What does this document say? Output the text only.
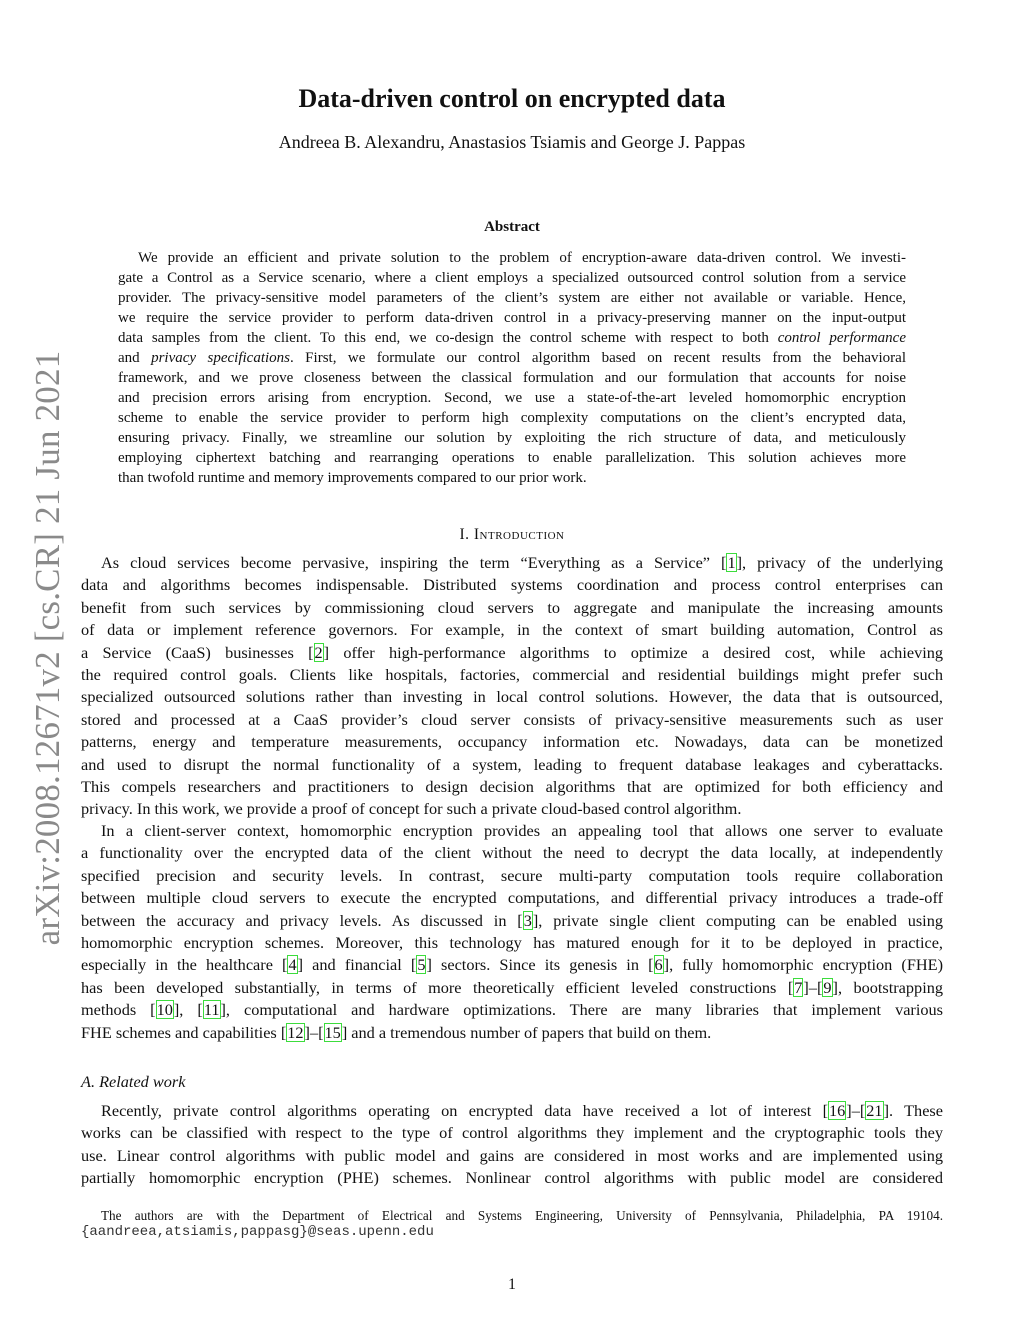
arXiv:2008.12671v2 [cs.CR] 21 Jun 2021
Data-driven control on encrypted data
Andreea B. Alexandru, Anastasios Tsiamis and George J. Pappas
Abstract
We provide an efficient and private solution to the problem of encryption-aware data-driven control. We investi-
gate a Control as a Service scenario, where a client employs a specialized outsourced control solution from a service
provider. The privacy-sensitive model parameters of the client’s system are either not available or variable. Hence,
we require the service provider to perform data-driven control in a privacy-preserving manner on the input-output
data samples from the client. To this end, we co-design the control scheme with respect to both control performance
and privacy specifications. First, we formulate our control algorithm based on recent results from the behavioral
framework, and we prove closeness between the classical formulation and our formulation that accounts for noise
and precision errors arising from encryption. Second, we use a state-of-the-art leveled homomorphic encryption
scheme to enable the service provider to perform high complexity computations on the client’s encrypted data,
ensuring privacy. Finally, we streamline our solution by exploiting the rich structure of data, and meticulously
employing ciphertext batching and rearranging operations to enable parallelization. This solution achieves more
than twofold runtime and memory improvements compared to our prior work.
I. Introduction
As cloud services become pervasive, inspiring the term “Everything as a Service” [1], privacy of the underlying
data and algorithms becomes indispensable. Distributed systems coordination and process control enterprises can
benefit from such services by commissioning cloud servers to aggregate and manipulate the increasing amounts
of data or implement reference governors. For example, in the context of smart building automation, Control as
a Service (CaaS) businesses [2] offer high-performance algorithms to optimize a desired cost, while achieving
the required control goals. Clients like hospitals, factories, commercial and residential buildings might prefer such
specialized outsourced solutions rather than investing in local control solutions. However, the data that is outsourced,
stored and processed at a CaaS provider’s cloud server consists of privacy-sensitive measurements such as user
patterns, energy and temperature measurements, occupancy information etc. Nowadays, data can be monetized
and used to disrupt the normal functionality of a system, leading to frequent database leakages and cyberattacks.
This compels researchers and practitioners to design decision algorithms that are optimized for both efficiency and
privacy. In this work, we provide a proof of concept for such a private cloud-based control algorithm.
In a client-server context, homomorphic encryption provides an appealing tool that allows one server to evaluate
a functionality over the encrypted data of the client without the need to decrypt the data locally, at independently
specified precision and security levels. In contrast, secure multi-party computation tools require collaboration
between multiple cloud servers to execute the encrypted computations, and differential privacy introduces a trade-off
between the accuracy and privacy levels. As discussed in [3], private single client computing can be enabled using
homomorphic encryption schemes. Moreover, this technology has matured enough for it to be deployed in practice,
especially in the healthcare [4] and financial [5] sectors. Since its genesis in [6], fully homomorphic encryption (FHE)
has been developed substantially, in terms of more theoretically efficient leveled constructions [7]–[9], bootstrapping
methods [10], [11], computational and hardware optimizations. There are many libraries that implement various
FHE schemes and capabilities [12]–[15] and a tremendous number of papers that build on them.
A. Related work
Recently, private control algorithms operating on encrypted data have received a lot of interest [16]–[21]. These
works can be classified with respect to the type of control algorithms they implement and the cryptographic tools they
use. Linear control algorithms with public model and gains are considered in most works and are implemented using
partially homomorphic encryption (PHE) schemes. Nonlinear control algorithms with public model are considered
The authors are with the Department of Electrical and Systems Engineering, University of Pennsylvania, Philadelphia, PA 19104.
{aandreea,atsiamis,pappasg}@seas.upenn.edu
1
